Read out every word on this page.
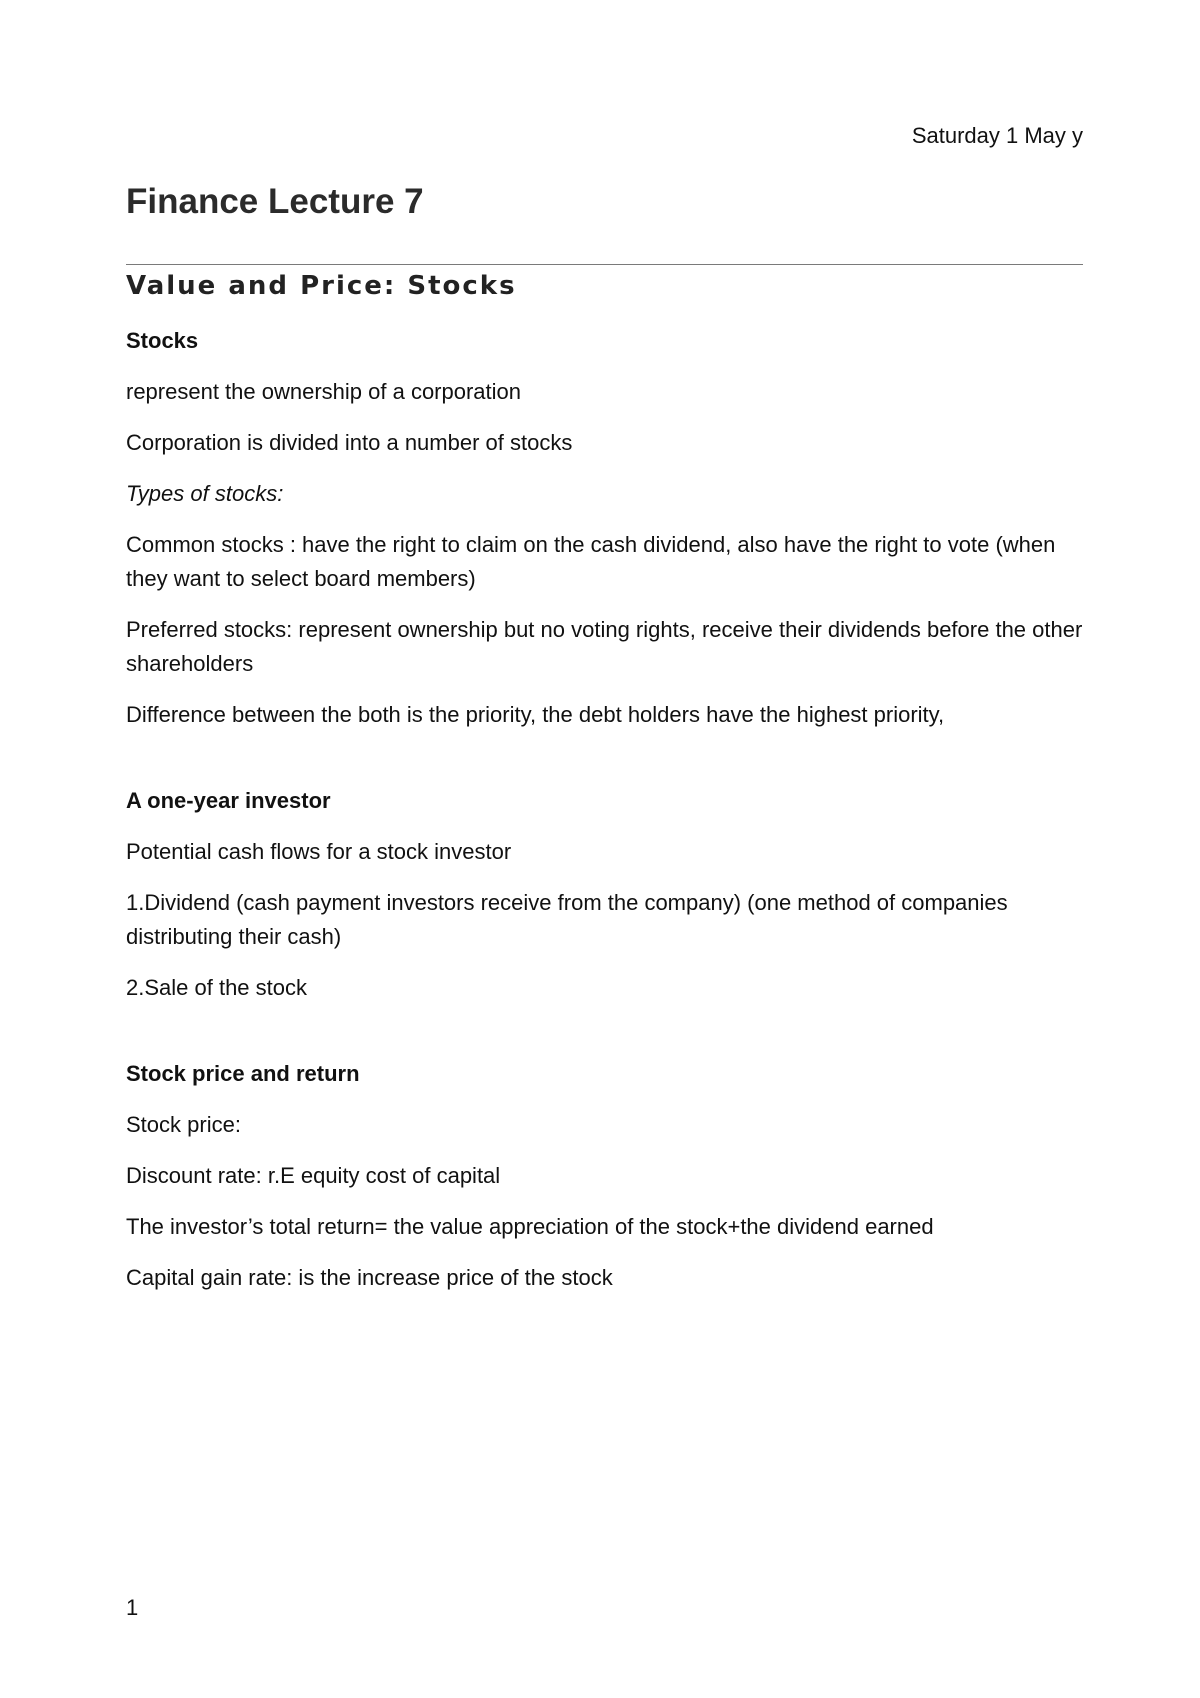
Saturday 1 May y

Finance Lecture 7
Value and Price: Stocks

Stocks

represent the ownership of a corporation

Corporation is divided into a number of stocks

Types of stocks:

Common stocks : have the right to claim on the cash dividend, also have the right to vote (when they want to select board members)

Preferred stocks: represent ownership but no voting rights, receive their dividends before the other shareholders

Difference between the both is the priority, the debt holders have the highest priority,

A one-year investor

Potential cash flows for a stock investor

1.Dividend (cash payment investors receive from the company) (one method of companies distributing their cash)

2.Sale of the stock

Stock price and return

Stock price:

Discount rate: r.E equity cost of capital

The investor’s total return= the value appreciation of the stock+the dividend earned

Capital gain rate: is the increase price of the stock

1
